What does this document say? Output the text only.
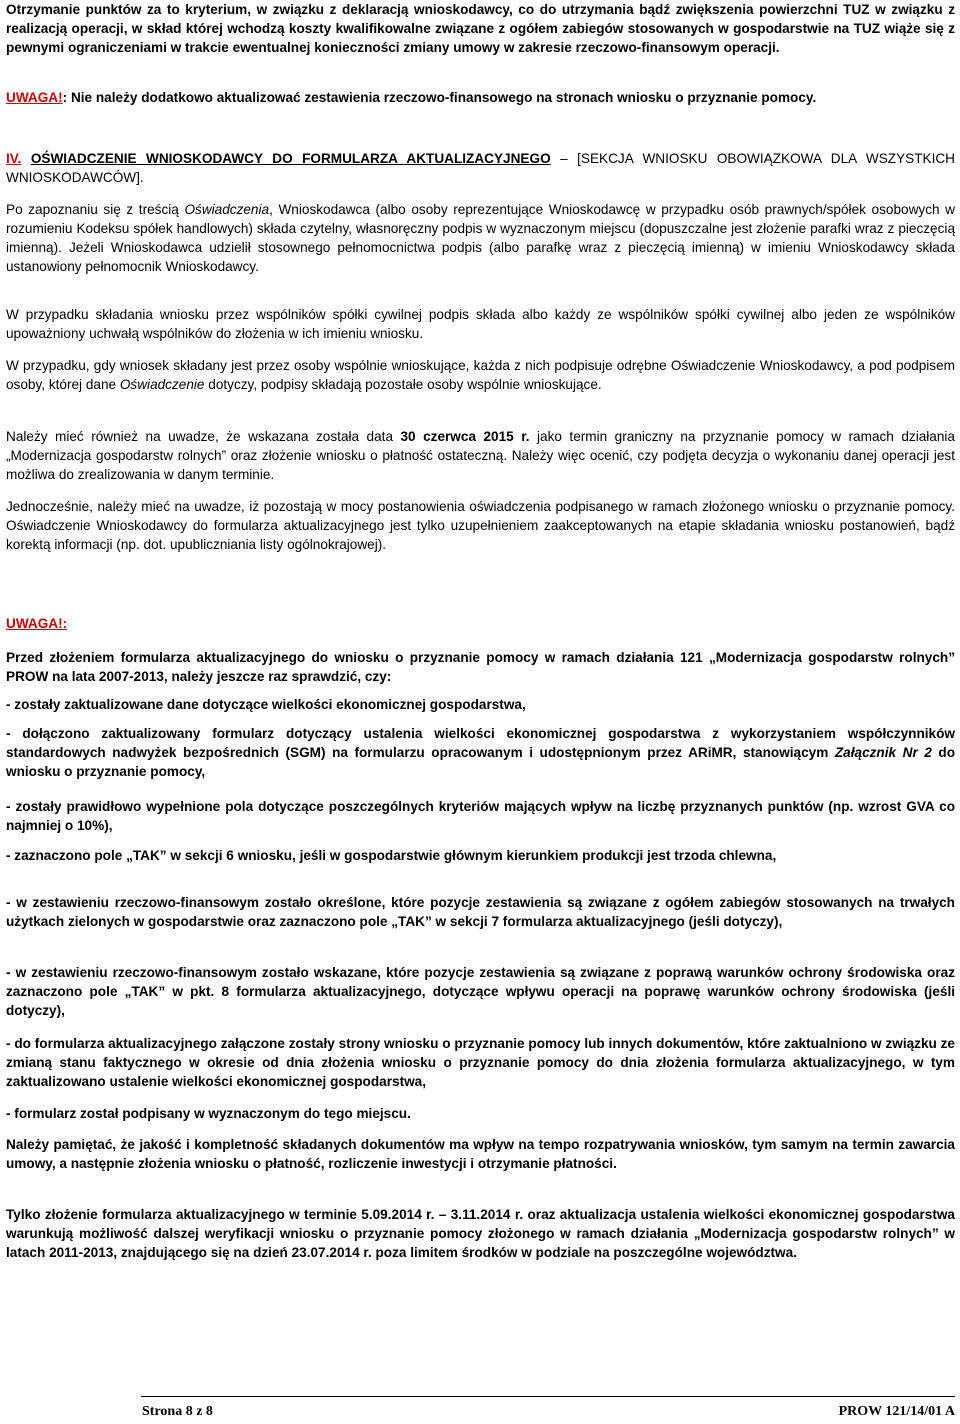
Otrzymanie punktów za to kryterium, w związku z deklaracją wnioskodawcy, co do utrzymania bądź zwiększenia powierzchni TUZ w związku z realizacją operacji, w skład której wchodzą koszty kwalifikowalne związane z ogółem zabiegów stosowanych w gospodarstwie na TUZ wiąże się z pewnymi ograniczeniami w trakcie ewentualnej konieczności zmiany umowy w zakresie rzeczowo-finansowym operacji.

UWAGA!: Nie należy dodatkowo aktualizować zestawienia rzeczowo-finansowego na stronach wniosku o przyznanie pomocy.

IV. OŚWIADCZENIE WNIOSKODAWCY DO FORMULARZA AKTUALIZACYJNEGO – [SEKCJA WNIOSKU OBOWIĄZKOWA DLA WSZYSTKICH WNIOSKODAWCÓW].

Po zapoznaniu się z treścią Oświadczenia, Wnioskodawca (albo osoby reprezentujące Wnioskodawcę w przypadku osób prawnych/spółek osobowych w rozumieniu Kodeksu spółek handlowych) składa czytelny, własnoręczny podpis w wyznaczonym miejscu (dopuszczalne jest złożenie parafki wraz z pieczęcią imienną). Jeżeli Wnioskodawca udzielił stosownego pełnomocnictwa podpis (albo parafkę wraz z pieczęcią imienną) w imieniu Wnioskodawcy składa ustanowiony pełnomocnik Wnioskodawcy.

W przypadku składania wniosku przez wspólników spółki cywilnej podpis składa albo każdy ze wspólników spółki cywilnej albo jeden ze wspólników upoważniony uchwałą wspólników do złożenia w ich imieniu wniosku.

W przypadku, gdy wniosek składany jest przez osoby wspólnie wnioskujące, każda z nich podpisuje odrębne Oświadczenie Wnioskodawcy, a pod podpisem osoby, której dane Oświadczenie dotyczy, podpisy składają pozostałe osoby wspólnie wnioskujące.

Należy mieć również na uwadze, że wskazana została data 30 czerwca 2015 r. jako termin graniczny na przyznanie pomocy w ramach działania „Modernizacja gospodarstw rolnych” oraz złożenie wniosku o płatność ostateczną. Należy więc ocenić, czy podjęta decyzja o wykonaniu danej operacji jest możliwa do zrealizowania w danym terminie.

Jednocześnie, należy mieć na uwadze, iż pozostają w mocy postanowienia oświadczenia podpisanego w ramach złożonego wniosku o przyznanie pomocy. Oświadczenie Wnioskodawcy do formularza aktualizacyjnego jest tylko uzupełnieniem zaakceptowanych na etapie składania wniosku postanowień, bądź korektą informacji (np. dot. upubliczniania listy ogólnokrajowej).

UWAGA!:

Przed złożeniem formularza aktualizacyjnego do wniosku o przyznanie pomocy w ramach działania 121 „Modernizacja gospodarstw rolnych” PROW na lata 2007-2013, należy jeszcze raz sprawdzić, czy:

- zostały zaktualizowane dane dotyczące wielkości ekonomicznej gospodarstwa,

- dołączono zaktualizowany formularz dotyczący ustalenia wielkości ekonomicznej gospodarstwa z wykorzystaniem współczynników standardowych nadwyżek bezpośrednich (SGM) na formularzu opracowanym i udostępnionym przez ARiMR, stanowiącym Załącznik Nr 2 do wniosku o przyznanie pomocy,

- zostały prawidłowo wypełnione pola dotyczące poszczególnych kryteriów mających wpływ na liczbę przyznanych punktów (np. wzrost GVA co najmniej o 10%),

- zaznaczono pole „TAK” w sekcji 6 wniosku, jeśli w gospodarstwie głównym kierunkiem produkcji jest trzoda chlewna,

- w zestawieniu rzeczowo-finansowym zostało określone, które pozycje zestawienia są związane z ogółem zabiegów stosowanych na trwałych użytkach zielonych w gospodarstwie oraz zaznaczono pole „TAK” w sekcji 7 formularza aktualizacyjnego (jeśli dotyczy),

- w zestawieniu rzeczowo-finansowym zostało wskazane, które pozycje zestawienia są związane z poprawą warunków ochrony środowiska oraz zaznaczono pole „TAK” w pkt. 8 formularza aktualizacyjnego, dotyczące wpływu operacji na poprawę warunków ochrony środowiska (jeśli dotyczy),

- do formularza aktualizacyjnego załączone zostały strony wniosku o przyznanie pomocy lub innych dokumentów, które zaktualniono w związku ze zmianą stanu faktycznego w okresie od dnia złożenia wniosku o przyznanie pomocy do dnia złożenia formularza aktualizacyjnego, w tym zaktualizowano ustalenie wielkości ekonomicznej gospodarstwa,

- formularz został podpisany w wyznaczonym do tego miejscu.

Należy pamiętać, że jakość i kompletność składanych dokumentów ma wpływ na tempo rozpatrywania wniosków, tym samym na termin zawarcia umowy, a następnie złożenia wniosku o płatność, rozliczenie inwestycji i otrzymanie płatności.

Tylko złożenie formularza aktualizacyjnego w terminie 5.09.2014 r. – 3.11.2014 r. oraz aktualizacja ustalenia wielkości ekonomicznej gospodarstwa warunkują możliwość dalszej weryfikacji wniosku o przyznanie pomocy złożonego w ramach działania „Modernizacja gospodarstw rolnych” w latach 2011-2013, znajdującego się na dzień 23.07.2014 r. poza limitem środków w podziale na poszczególne województwa.

Strona 8 z 8	PROW 121/14/01 A
